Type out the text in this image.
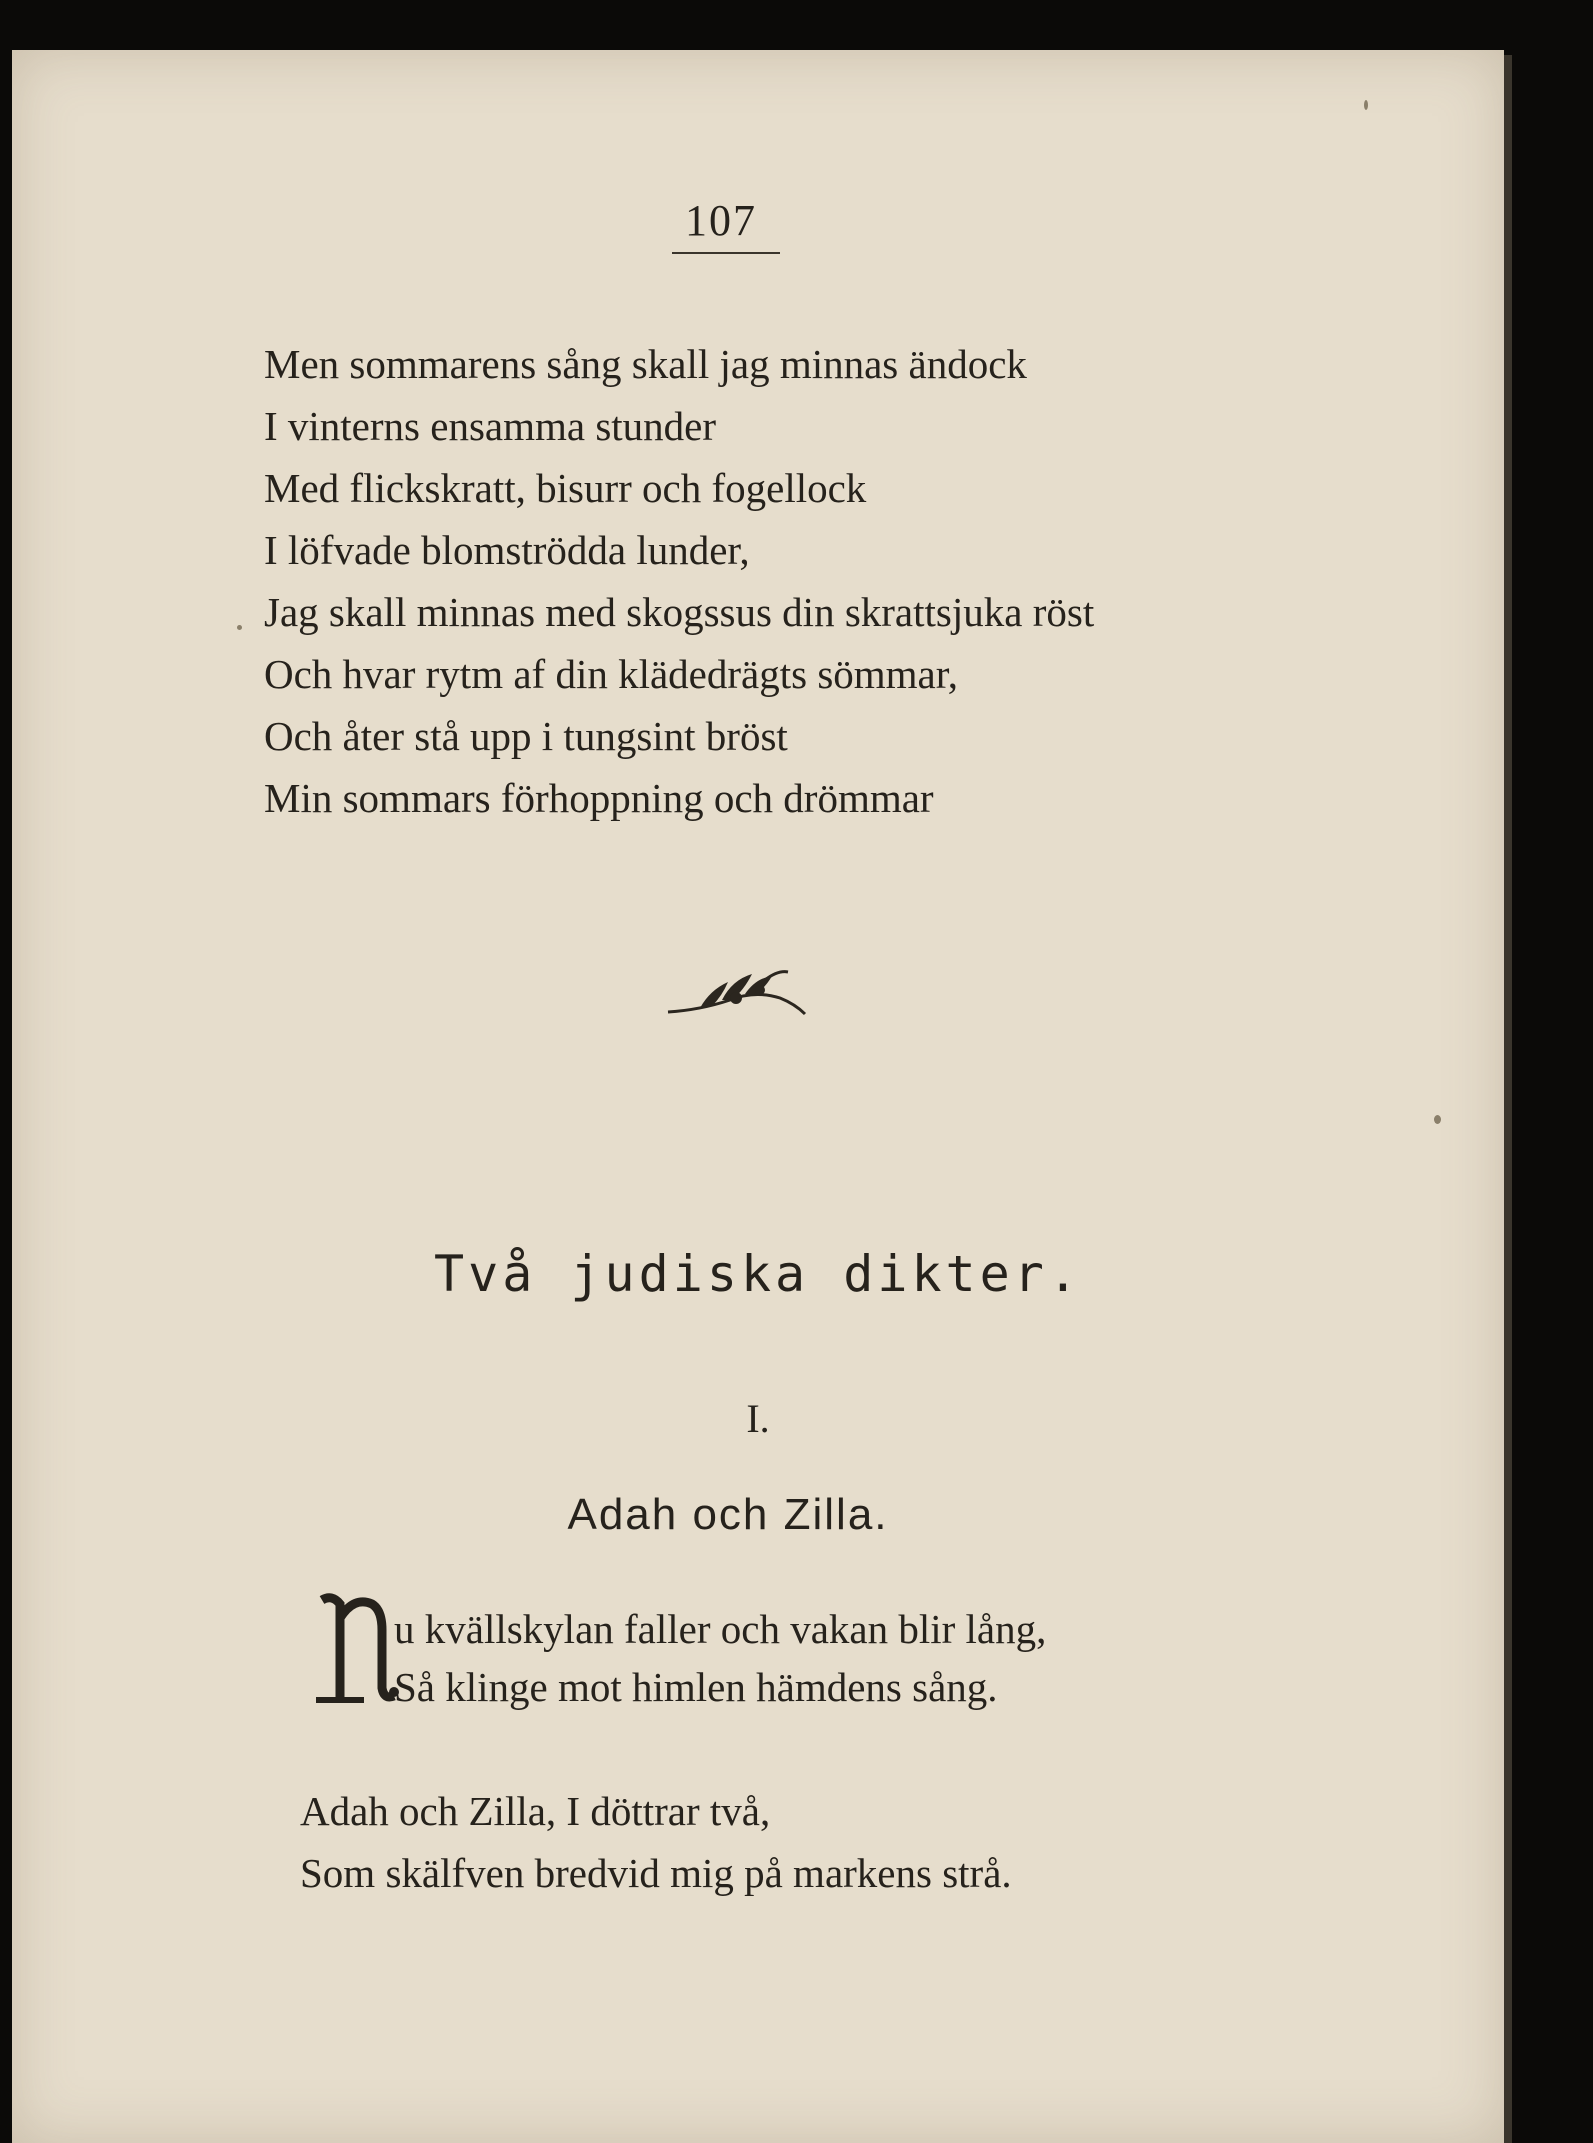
107
Men sommarens sång skall jag minnas ändock
I vinterns ensamma stunder
Med flickskratt, bisurr och fogellock
I löfvade blomströdda lunder,
Jag skall minnas med skogssus din skrattsjuka röst
Och hvar rytm af din klädedrägts sömmar,
Och åter stå upp i tungsint bröst
Min sommars förhoppning och drömmar
Två judiska dikter.
I.
Adah och Zilla.
u kvällskylan faller och vakan blir lång,
Så klinge mot himlen hämdens sång.
Adah och Zilla, I döttrar två,
Som skälfven bredvid mig på markens strå.
